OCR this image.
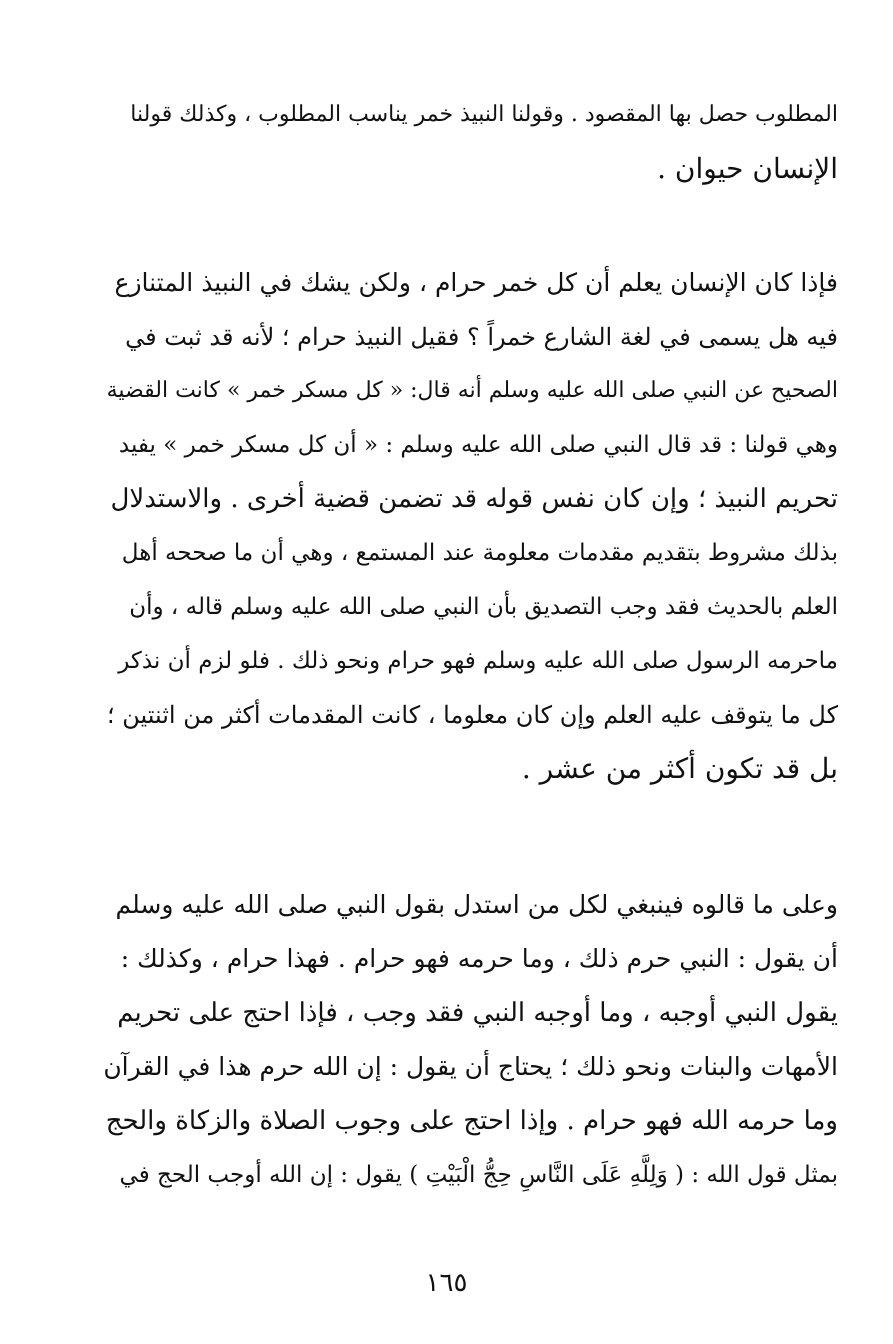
المطلوب حصل بها المقصود . وقولنا النبيذ خمر يناسب المطلوب ، وكذلك قولنا
الإنسان حيوان .
فإذا كان الإنسان يعلم أن كل خمر حرام ، ولكن يشك في النبيذ المتنازع
فيه هل يسمى في لغة الشارع خمراً ؟ فقيل النبيذ حرام ؛ لأنه قد ثبت في
الصحيح عن النبي صلى الله عليه وسلم أنه قال: « كل مسكر خمر » كانت القضية
وهي قولنا : قد قال النبي صلى الله عليه وسلم : « أن كل مسكر خمر » يفيد
تحريم النبيذ ؛ وإن كان نفس قوله قد تضمن قضية أخرى . والاستدلال
بذلك مشروط بتقديم مقدمات معلومة عند المستمع ، وهي أن ما صححه أهل
العلم بالحديث فقد وجب التصديق بأن النبي صلى الله عليه وسلم قاله ، وأن
ماحرمه الرسول صلى الله عليه وسلم فهو حرام ونحو ذلك . فلو لزم أن نذكر
كل ما يتوقف عليه العلم وإن كان معلوما ، كانت المقدمات أكثر من اثنتين ؛
بل قد تكون أكثر من عشر .
وعلى ما قالوه فينبغي لكل من استدل بقول النبي صلى الله عليه وسلم
أن يقول : النبي حرم ذلك ، وما حرمه فهو حرام . فهذا حرام ، وكذلك :
يقول النبي أوجبه ، وما أوجبه النبي فقد وجب ، فإذا احتج على تحريم
الأمهات والبنات ونحو ذلك ؛ يحتاج أن يقول : إن الله حرم هذا في القرآن
وما حرمه الله فهو حرام . وإذا احتج على وجوب الصلاة والزكاة والحج
بمثل قول الله : ( وَلِلَّهِ عَلَى النَّاسِ حِجُّ الْبَيْتِ ) يقول : إن الله أوجب الحج في
١٦٥
